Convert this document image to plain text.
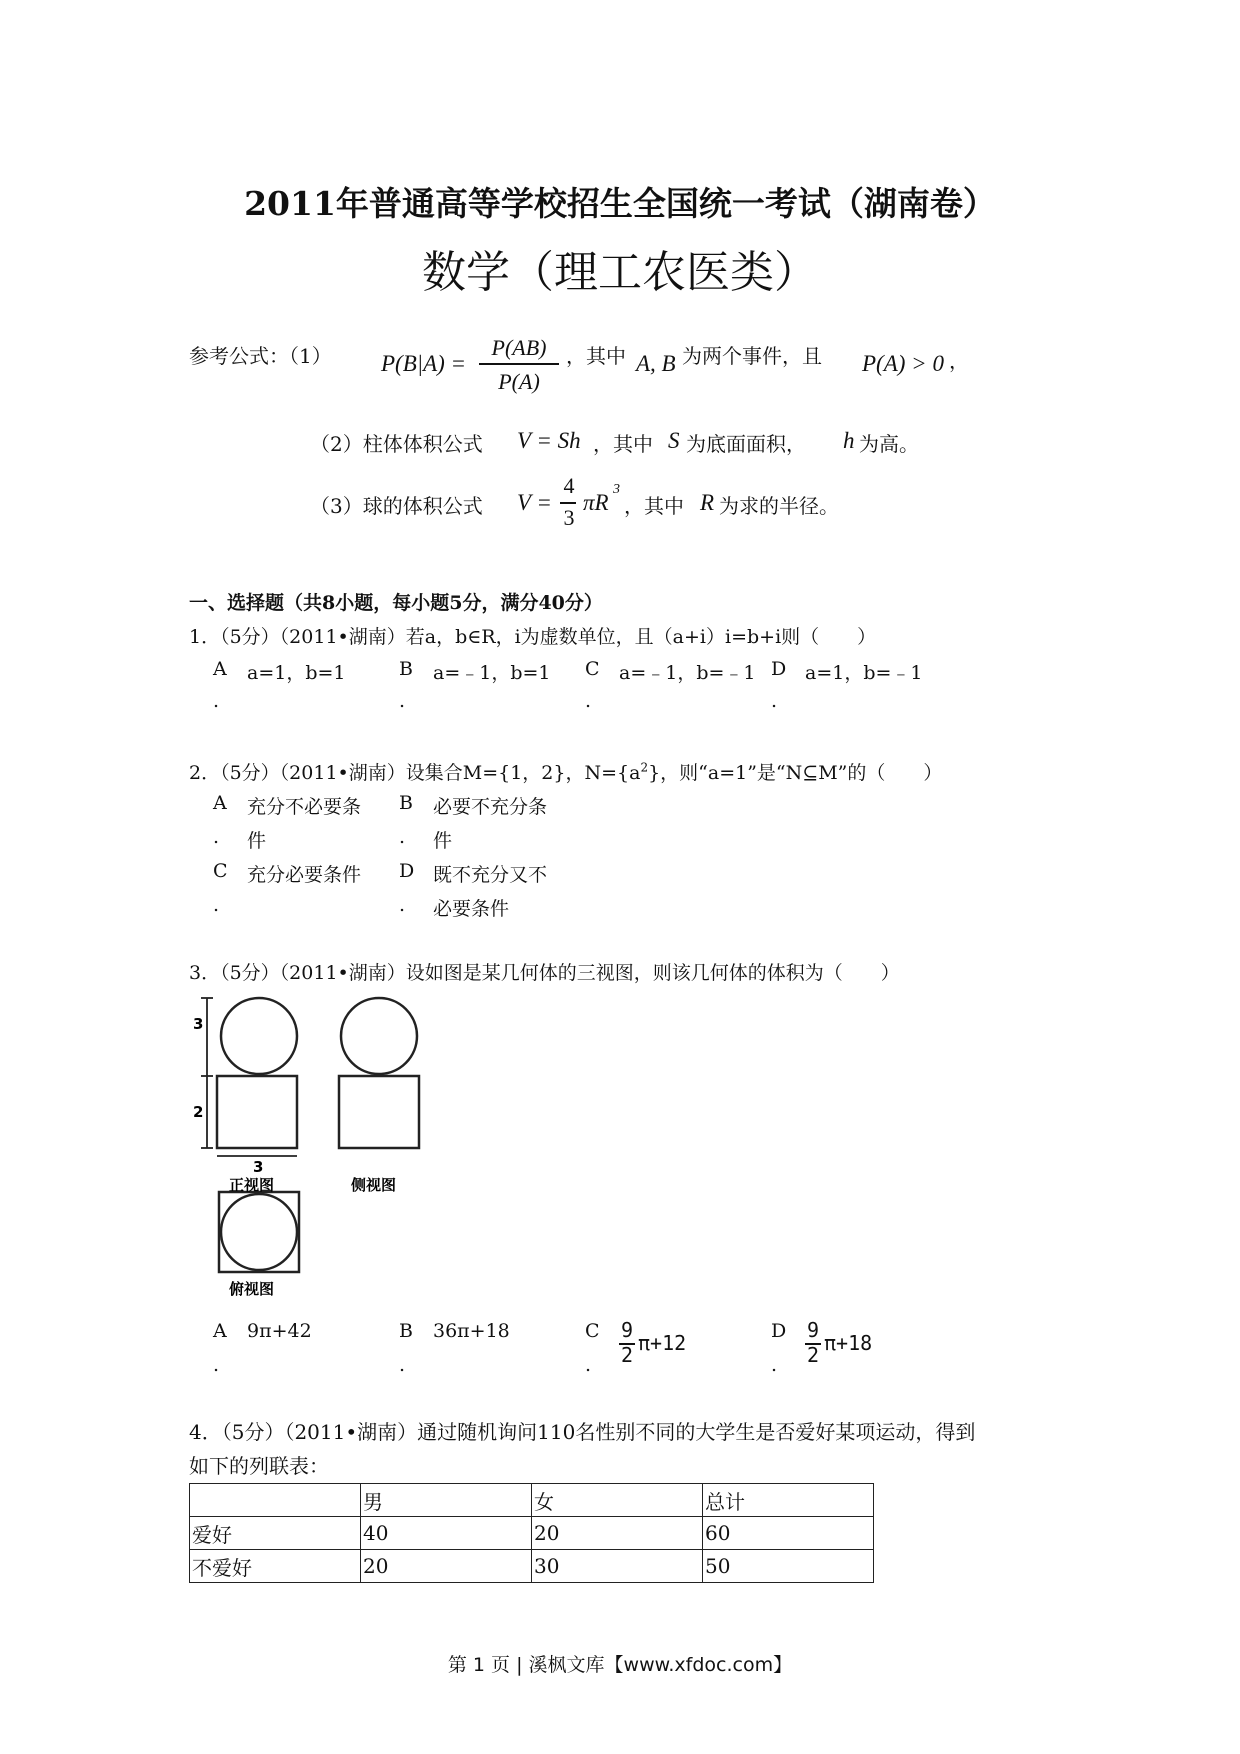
2011年普通高等学校招生全国统一考试（湖南卷）
数学（理工农医类）
参考公式：（1） P(B|A) =
P(AB)
P(A)
，其中 A, B 为两个事件，且 P(A) > 0 ，
（2）柱体体积公式 V = Sh ，其中 S 为底面面积， h 为高。
（3）球的体积公式 V =
4
3
πR
3
，其中 R 为求的半径。
一、选择题（共8小题，每小题5分，满分40分）
1．（5分）（2011•湖南）若a，b∈R，i为虚数单位，且（a+i）i=b+i则（　　）
A a=1，b=1
.
B a=﹣1，b=1
.
C a=﹣1，b=﹣1
.
D a=1，b=﹣1
.
2．（5分）（2011•湖南）设集合M={1，2}，$N=\{a^2\}$，则“a=1”是“N⊆M”的（　　）
A 充分不必要条
. 件
B 必要不充分条
. 件
C 充分必要条件
.
D 既不充分又不
. 必要条件
3．（5分）（2011•湖南）设如图是某几何体的三视图，则该几何体的体积为（　　）
3
2
3
正视图	侧视图
俯视图
A 9π+42
.
B 36π+18
.
C
.
9
2 π+12	D
.
9
2 π+18
4．（5分）（2011•湖南）通过随机询问110名性别不同的大学生是否爱好某项运动，得到
如下的列联表：
	男	女	总计
爱好	40	20	60
不爱好	20	30	50
第 1 页 | 溪枫文库【www.xfdoc.com】
